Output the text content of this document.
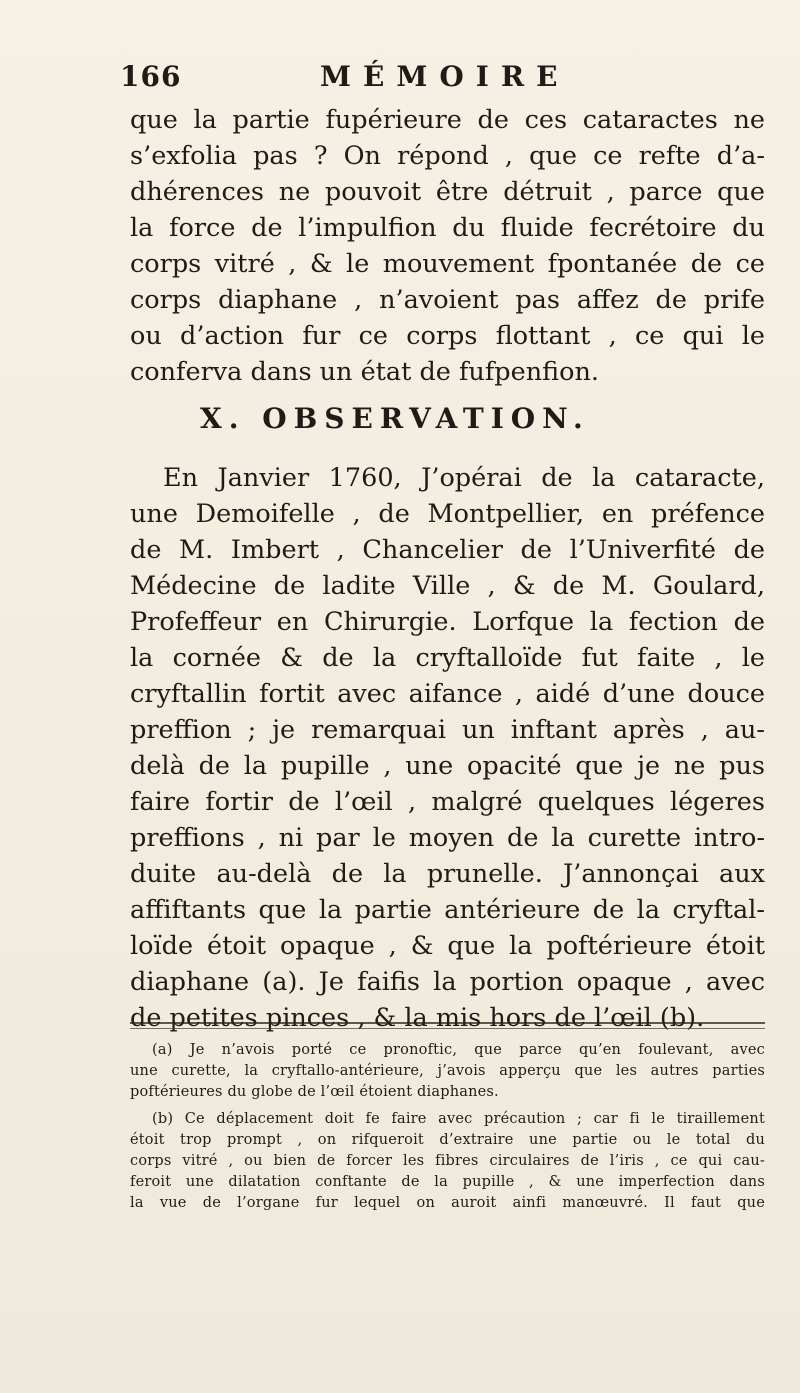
166	MÉMOIRE
que la partie fupérieure de ces cataractes ne
s’exfolia pas ? On répond , que ce refte d’a-
dhérences ne pouvoit être détruit , parce que
la force de l’impulfion du fluide fecrétoire du
corps vitré , & le mouvement fpontanée de ce
corps diaphane , n’avoient pas affez de prife
ou d’action fur ce corps flottant , ce qui le
conferva dans un état de fufpenfion.
X. OBSERVATION.
En Janvier 1760, J’opérai de la cataracte,
une Demoifelle , de Montpellier, en préfence
de M. Imbert , Chancelier de l’Univerfité de
Médecine de ladite Ville , & de M. Goulard,
Profeffeur en Chirurgie. Lorfque la fection de
la cornée & de la cryftalloïde fut faite , le
cryftallin fortit avec aifance , aidé d’une douce
preffion ; je remarquai un inftant après , au-
delà de la pupille , une opacité que je ne pus
faire fortir de l’œil , malgré quelques légeres
preffions , ni par le moyen de la curette intro-
duite au-delà de la prunelle. J’annonçai aux
affiftants que la partie antérieure de la cryftal-
loïde étoit opaque , & que la poftérieure étoit
diaphane (a). Je faifis la portion opaque , avec
de petites pinces , & la mis hors de l’œil (b).
(a) Je n’avois porté ce pronoftic, que parce qu’en foulevant, avec
une curette, la cryftallo-antérieure, j’avois apperçu que les autres parties
poftérieures du globe de l’œil étoient diaphanes.
(b) Ce déplacement doit fe faire avec précaution ; car fi le tiraillement
étoit trop prompt , on rifqueroit d’extraire une partie ou le total du
corps vitré , ou bien de forcer les fibres circulaires de l’iris , ce qui cau-
feroit une dilatation conftante de la pupille , & une imperfection dans
la vue de l’organe fur lequel on auroit ainfi manœuvré. Il faut que
